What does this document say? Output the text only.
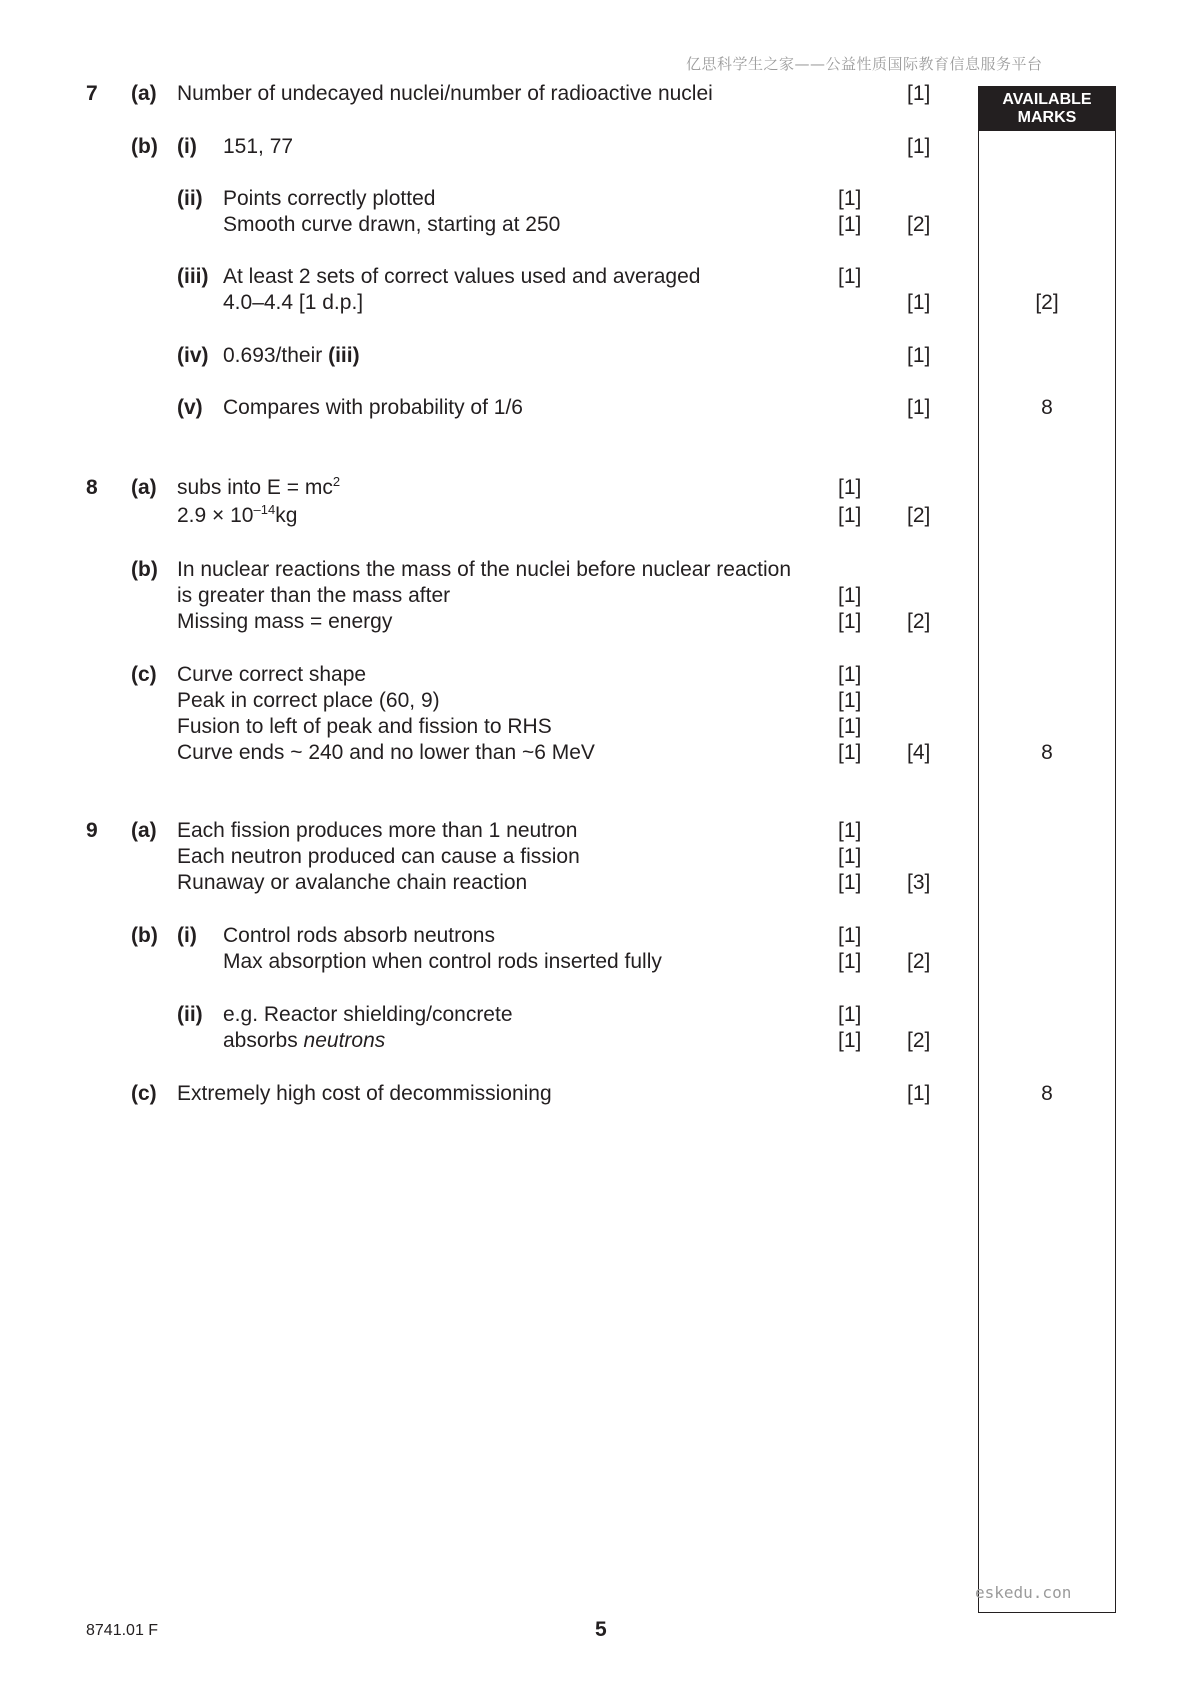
亿思科学生之家——公益性质国际教育信息服务平台
AVAILABLE
MARKS
7 (a) Number of undecayed nuclei/number of radioactive nuclei	[1]
(b) (i) 151, 77	[1]
(ii) Points correctly plotted	[1]
Smooth curve drawn, starting at 250	[1] [2]
(iii) At least 2 sets of correct values used and averaged	[1]
4.0–4.4 [1 d.p.]	[1]	[2]
(iv) 0.693/their (iii)	[1]
(v) Compares with probability of 1/6	[1]	8
8 (a) subs into $E = mc^2$	[1]
$2.9 \times 10^{-14}kg$	[1] [2]
(b) In nuclear reactions the mass of the nuclei before nuclear reaction
is greater than the mass after	[1]
Missing mass = energy	[1] [2]
(c) Curve correct shape	[1]
Peak in correct place (60, 9)	[1]
Fusion to left of peak and fission to RHS	[1]
Curve ends ~ 240 and no lower than ~6 MeV	[1] [4]	8
9 (a) Each fission produces more than 1 neutron	[1]
Each neutron produced can cause a fission	[1]
Runaway or avalanche chain reaction	[1] [3]
(b) (i) Control rods absorb neutrons	[1]
Max absorption when control rods inserted fully	[1] [2]
(ii) e.g. Reactor shielding/concrete	[1]
absorbs neutrons	[1] [2]
(c) Extremely high cost of decommissioning	[1]	8
eskedu.con
8741.01 F	5
